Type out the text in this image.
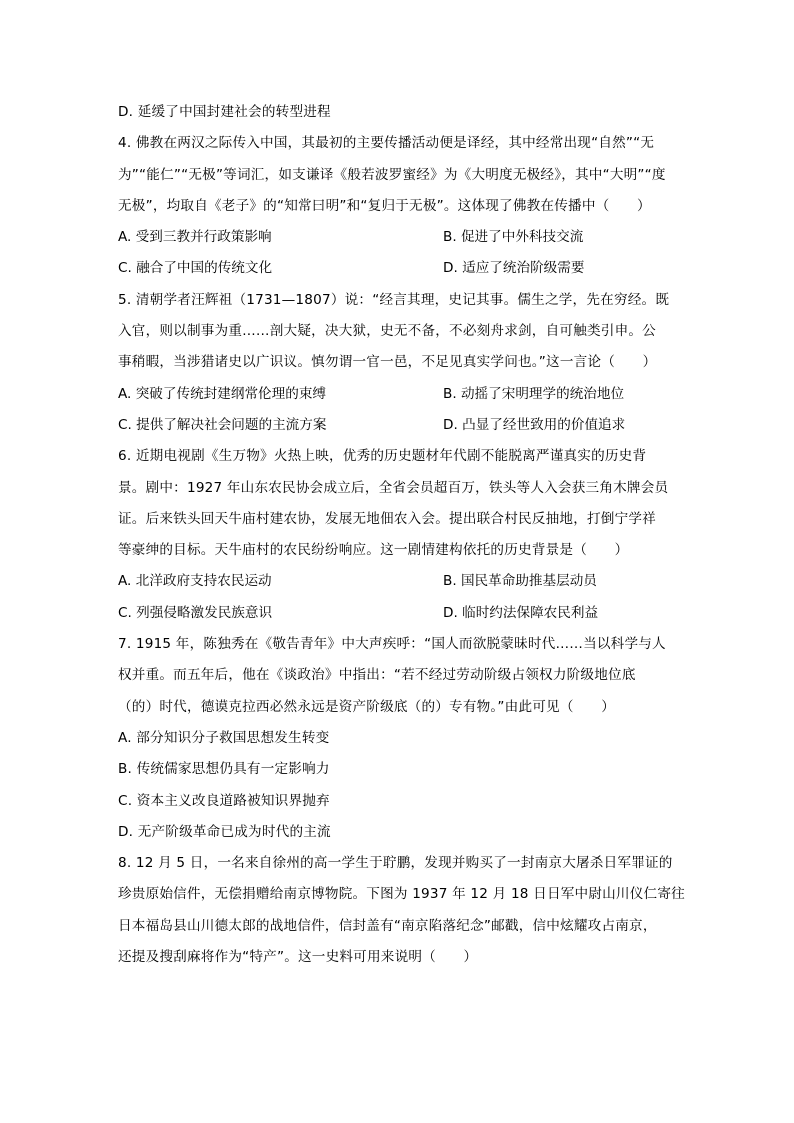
D. 延缓了中国封建社会的转型进程
4. 佛教在两汉之际传入中国，其最初的主要传播活动便是译经，其中经常出现“自然”“无
为”“能仁”“无极”等词汇，如支谦译《般若波罗蜜经》为《大明度无极经》，其中“大明”“度
无极”，均取自《老子》的“知常曰明”和“复归于无极”。这体现了佛教在传播中（　　）
A. 受到三教并行政策影响	B. 促进了中外科技交流
C. 融合了中国的传统文化	D. 适应了统治阶级需要
5. 清朝学者汪辉祖（1731—1807）说：“经言其理，史记其事。儒生之学，先在穷经。既
入官，则以制事为重……剖大疑，决大狱，史无不备，不必刻舟求剑，自可触类引申。公
事稍暇，当涉猎诸史以广识议。慎勿谓一官一邑，不足见真实学问也。”这一言论（　　）
A. 突破了传统封建纲常伦理的束缚	B. 动摇了宋明理学的统治地位
C. 提供了解决社会问题的主流方案	D. 凸显了经世致用的价值追求
6. 近期电视剧《生万物》火热上映，优秀的历史题材年代剧不能脱离严谨真实的历史背
景。剧中：1927 年山东农民协会成立后，全省会员超百万，铁头等人入会获三角木牌会员
证。后来铁头回天牛庙村建农协，发展无地佃农入会。提出联合村民反抽地，打倒宁学祥
等豪绅的目标。天牛庙村的农民纷纷响应。这一剧情建构依托的历史背景是（　　）
A. 北洋政府支持农民运动	B. 国民革命助推基层动员
C. 列强侵略激发民族意识	D. 临时约法保障农民利益
7. 1915 年，陈独秀在《敬告青年》中大声疾呼：“国人而欲脱蒙昧时代……当以科学与人
权并重。而五年后，他在《谈政治》中指出：“若不经过劳动阶级占领权力阶级地位底
（的）时代，德谟克拉西必然永远是资产阶级底（的）专有物。”由此可见（　　）
A. 部分知识分子救国思想发生转变
B. 传统儒家思想仍具有一定影响力
C. 资本主义改良道路被知识界抛弃
D. 无产阶级革命已成为时代的主流
8. 12 月 5 日，一名来自徐州的高一学生于聍鹏，发现并购买了一封南京大屠杀日军罪证的
珍贵原始信件，无偿捐赠给南京博物院。下图为 1937 年 12 月 18 日日军中尉山川仪仁寄往
日本福岛县山川德太郎的战地信件，信封盖有“南京陷落纪念”邮戳，信中炫耀攻占南京，
还提及搜刮麻将作为“特产”。这一史料可用来说明（　　）
